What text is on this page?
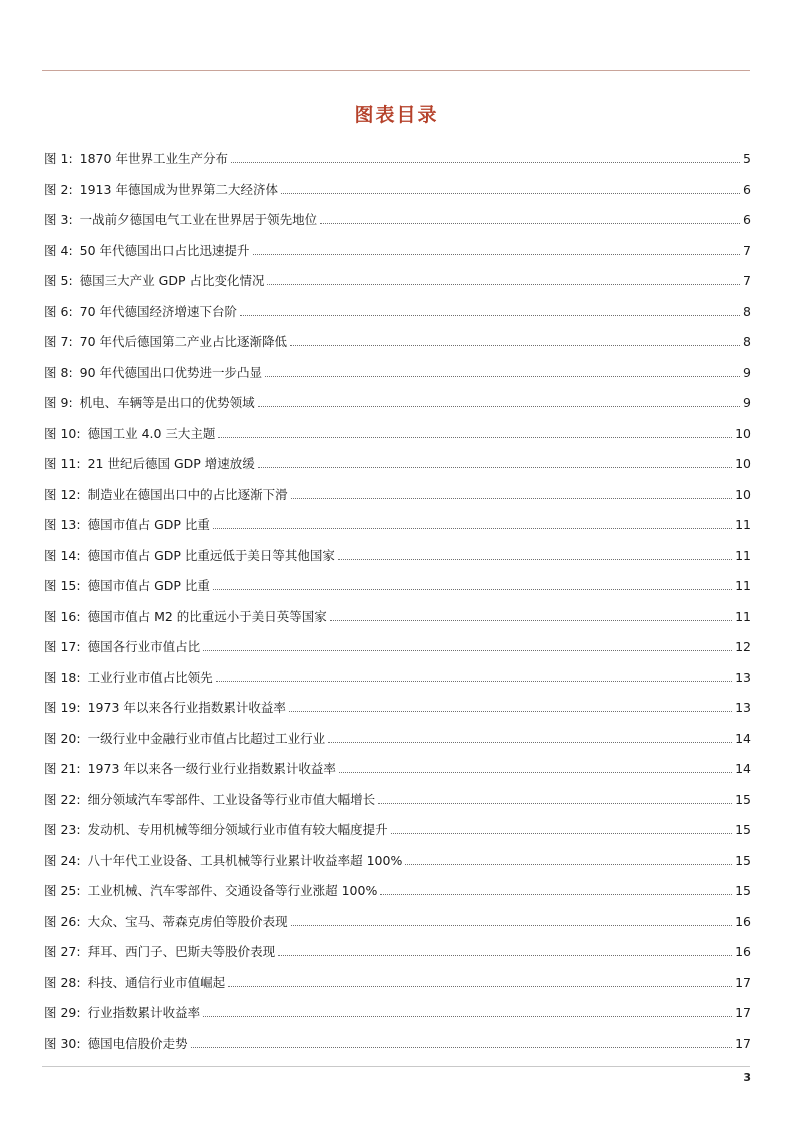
图表目录
图 1 : 1870 年世界工业生产分布	5
图 2 : 1913 年德国成为世界第二大经济体	6
图 3 : 一战前夕德国电气工业在世界居于领先地位	6
图 4 : 50 年代德国出口占比迅速提升	7
图 5 : 德国三大产业 GDP 占比变化情况	7
图 6 : 70 年代德国经济增速下台阶	8
图 7 : 70 年代后德国第二产业占比逐渐降低	8
图 8 : 90 年代德国出口优势进一步凸显	9
图 9 : 机电、车辆等是出口的优势领域	9
图 10 : 德国工业 4.0 三大主题	10
图 11 : 21 世纪后德国 GDP 增速放缓	10
图 12 : 制造业在德国出口中的占比逐渐下滑	10
图 13 : 德国市值占 GDP 比重	11
图 14 : 德国市值占 GDP 比重远低于美日等其他国家	11
图 15 : 德国市值占 GDP 比重	11
图 16 : 德国市值占 M2 的比重远小于美日英等国家	11
图 17 : 德国各行业市值占比	12
图 18 : 工业行业市值占比领先	13
图 19 : 1973 年以来各行业指数累计收益率	13
图 20 : 一级行业中金融行业市值占比超过工业行业	14
图 21 : 1973 年以来各一级行业行业指数累计收益率	14
图 22 : 细分领域汽车零部件、工业设备等行业市值大幅增长	15
图 23 : 发动机、专用机械等细分领域行业市值有较大幅度提升	15
图 24 : 八十年代工业设备、工具机械等行业累计收益率超 100%	15
图 25 : 工业机械、汽车零部件、交通设备等行业涨超 100%	15
图 26 : 大众、宝马、蒂森克虏伯等股价表现	16
图 27 : 拜耳、西门子、巴斯夫等股价表现	16
图 28 : 科技、通信行业市值崛起	17
图 29 : 行业指数累计收益率	17
图 30 : 德国电信股价走势	17
3
